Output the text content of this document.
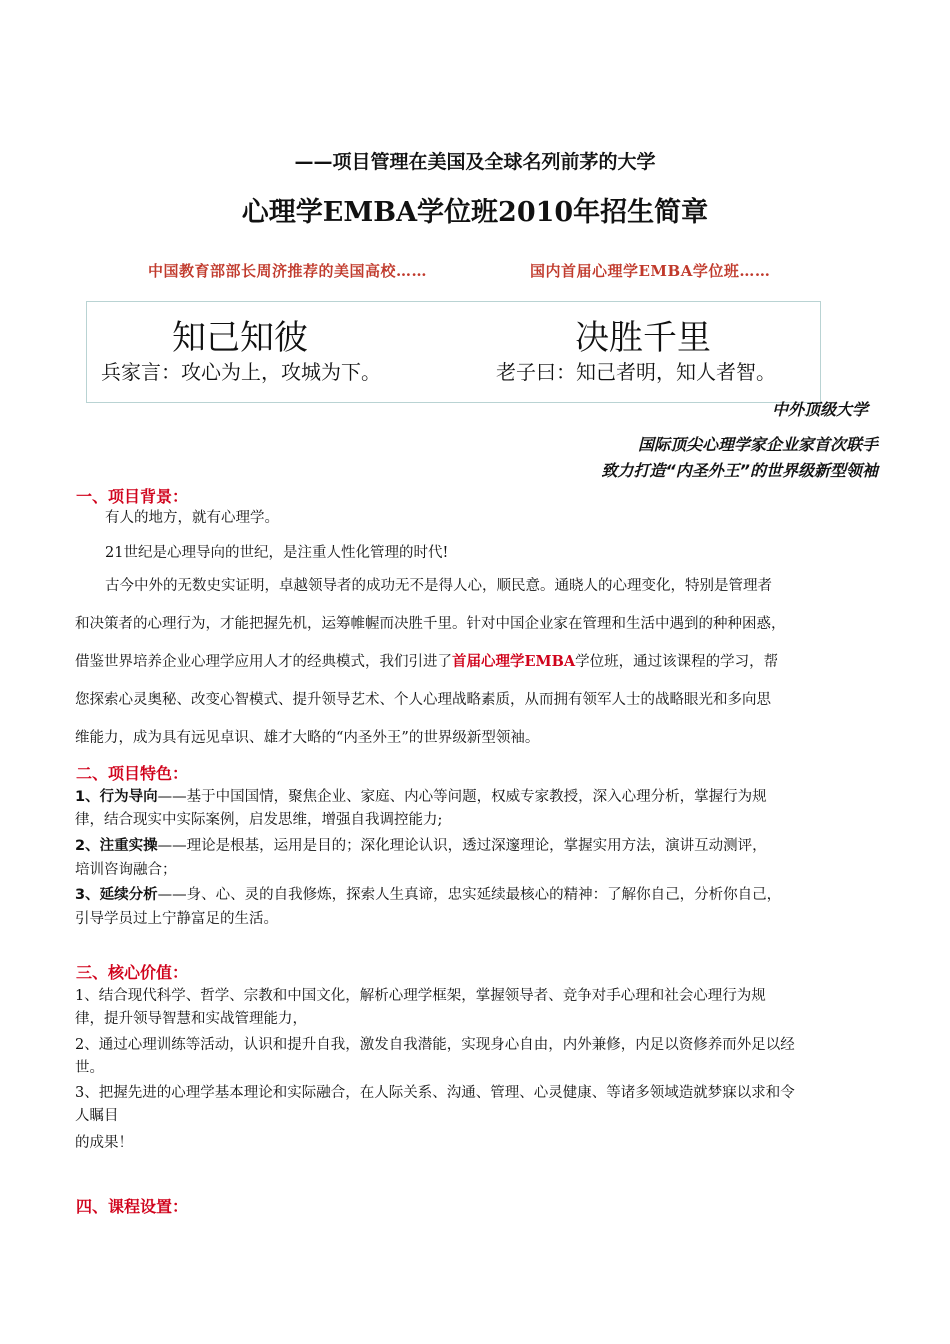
——项目管理在美国及全球名列前茅的大学
心理学EMBA学位班2010年招生简章
中国教育部部长周济推荐的美国高校……	国内首届心理学EMBA学位班……
知己知彼	决胜千里
兵家言：攻心为上，攻城为下。	老子曰：知己者明，知人者智。
中外顶级大学
国际顶尖心理学家企业家首次联手
致力打造“内圣外王”的世界级新型领袖
一、项目背景：
有人的地方，就有心理学。
21世纪是心理导向的世纪，是注重人性化管理的时代!
古今中外的无数史实证明，卓越领导者的成功无不是得人心，顺民意。通晓人的心理变化，特别是管理者
和决策者的心理行为，才能把握先机，运筹帷幄而决胜千里。针对中国企业家在管理和生活中遇到的种种困惑，
借鉴世界培养企业心理学应用人才的经典模式，我们引进了首届心理学EMBA学位班，通过该课程的学习，帮
您探索心灵奥秘、改变心智模式、提升领导艺术、个人心理战略素质，从而拥有领军人士的战略眼光和多向思
维能力，成为具有远见卓识、雄才大略的“内圣外王”的世界级新型领袖。
二、项目特色：
1、行为导向——基于中国国情，聚焦企业、家庭、内心等问题，权威专家教授，深入心理分析，掌握行为规
律，结合现实中实际案例，启发思维，增强自我调控能力;
2、注重实操——理论是根基，运用是目的；深化理论认识，透过深邃理论，掌握实用方法，演讲互动测评，
培训咨询融合；
3、延续分析——身、心、灵的自我修炼，探索人生真谛，忠实延续最核心的精神：了解你自己，分析你自己，
引导学员过上宁静富足的生活。
三、核心价值：
1、结合现代科学、哲学、宗教和中国文化，解析心理学框架，掌握领导者、竞争对手心理和社会心理行为规
律，提升领导智慧和实战管理能力，
2、通过心理训练等活动，认识和提升自我，激发自我潜能，实现身心自由，内外兼修，内足以资修养而外足以经
世。
3、把握先进的心理学基本理论和实际融合，在人际关系、沟通、管理、心灵健康、等诸多领域造就梦寐以求和令
人瞩目
的成果！
四、课程设置：
